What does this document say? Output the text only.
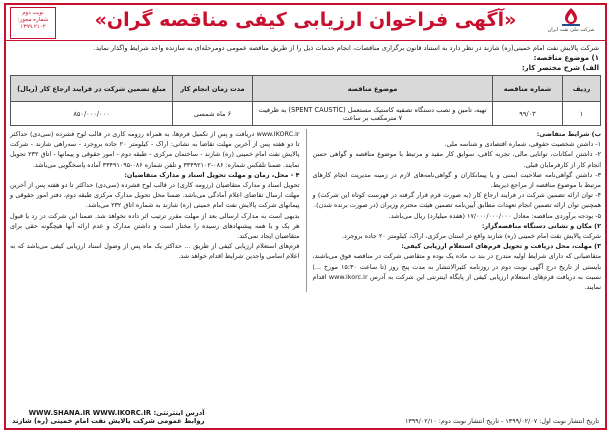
نوبت دوم
شماره مجوز:
۱۳۹۹.۲۱۰۲	«آگهی فراخوان ارزیابی کیفی مناقصه گران»	شرکت ملی نفت ایران
شرکت پالایش نفت امام خمینی(ره) شازند در نظر دارد به استناد قانون برگزاری مناقصات، انجام خدمات ذیل را از طریق مناقصه عمومی دومرحله‌ای به سازنده واجد شرایط واگذار نماید.
۱) موضوع مناقصه:
الف) شرح مختصر کار:
ردیف	شماره مناقصه	موضوع مناقصه	مدت زمان انجام کار	مبلغ تضمین شرکت در فرایند ارجاع کار (ریال)
۱	۹۹/۰۳	تهیه، تامین و نصب دستگاه تصفیه کاستیک مستعمل (SPENT CAUSTIC) به ظرفیت ۷ مترمکعب بر ساعت	۶ ماه شمسی	۸۵۰/۰۰۰/۰۰۰
ب) شرایط متقاضی:
۱- داشتن شخصیت حقوقی، شماره اقتصادی و شناسه ملی.
۲- داشتن امکانات، توانایی مالی، تجربه کافی، سوابق کار مفید و مرتبط با موضوع مناقصه و گواهی حسن انجام کار از کارفرمایان قبلی.
۳- داشتن گواهی‌نامه صلاحیت ایمنی و یا پیمانکاران و گواهی‌نامه‌های لازم در زمینه مدیریت انجام کارهای مرتبط با موضوع مناقصه از مراجع ذیربط.
۴- توان ارائه تضمین شرکت در فرایند ارجاع کار (به صورت فرم قرار گرفته در فهرست کوتاه این شرکت) و همچنین توان ارائه تضمین انجام تعهدات مطابق آیین‌نامه تضمین هیئت محترم وزیران (در صورت برنده شدن).
۵- بودجه برآوردی مناقصه: معادل ۱۷/۰۰۰/۰۰۰/۰۰۰ (هفده میلیارد) ریال می‌باشد.
۲) مکان و نشانی دستگاه مناقصه‌گزار:
شرکت پالایش نفت امام خمینی (ره) شازند واقع در استان مرکزی، اراک، کیلومتر ۲۰ جاده بروجرد.
۳) مهلت، محل دریافت و تحویل فرم‌های استعلام ارزیابی کیفی:
متقاضیانی که دارای شرایط اولیه مندرج در بند ب ماده یک بوده و متقاضی شرکت در مناقصه فوق می‌باشند، بایستی از تاریخ درج آگهی نوبت دوم در روزنامه کثیرالانتشار به مدت پنج روز (تا ساعت ۱۵:۳۰ مورخ ...) نسبت به دریافت فرم‌های استعلام ارزیابی کیفی از پایگاه اینترنتی این شرکت به آدرس www.ikorc.ir اقدام نمایند.
www.IKORC.ir دریافت و پس از تکمیل فرم‌ها، به همراه رزومه کاری در قالب لوح فشرده (سی‌دی) حداکثر تا دو هفته پس از آخرین مهلت تقاضا به نشانی: اراک - کیلومتر ۲۰ جاده بروجرد - سه‌راهی شازند - شرکت پالایش نفت امام خمینی (ره) شازند - ساختمان مرکزی - طبقه دوم - امور حقوقی و پیمانها - اتاق ۲۳۲ تحویل نمایند. ضمنا تلفکس شماره: ۰۸۶-۳۳۴۹۲۱۰۲ و تلفن شماره ۰۸۶-۳۳۴۹۱۰۹۵ آماده پاسخگویی می‌باشد.
۴ - محل، زمان و مهلت تحویل اسناد و مدارک متقاضیان:
تحویل اسناد و مدارک متقاضیان (رزومه کاری) در قالب لوح فشرده (سی‌دی) حداکثر تا دو هفته پس از آخرین مهلت ارسال تقاضای اعلام آمادگی می‌باشد. ضمنا محل تحویل مدارک مرکزی طبقه دوم، دفتر امور حقوقی و پیمانهای شرکت پالایش نفت امام خمینی (ره) شازند به شماره اتاق ۲۳۲ می‌باشد.
بدیهی است به مدارک ارسالی بعد از مهلت مقرر ترتیب اثر داده نخواهد شد. ضمنا این شرکت در رد یا قبول هر یک و یا همه پیشنهادهای رسیده را مختار است و داشتن مدارک و عدم ارائه آنها هیچگونه حقی برای متقاضیان ایجاد نمی‌کند.
فرم‌های استعلام ارزیابی کیفی از طریق ... حداکثر یک ماه پس از وصول اسناد ارزیابی کیفی می‌باشد که به اعلام اسامی واجدین شرایط اقدام خواهد شد.
تاریخ انتشار نوبت اول: ۱۳۹۹/۰۲/۰۷ - تاریخ انتشار نوبت دوم: ۱۳۹۹/۰۲/۱۰
آدرس اینترنتی: WWW.SHANA.IR WWW.IKORC.IR
روابط عمومی شرکت پالایش نفت امام خمینی (ره) شازند
